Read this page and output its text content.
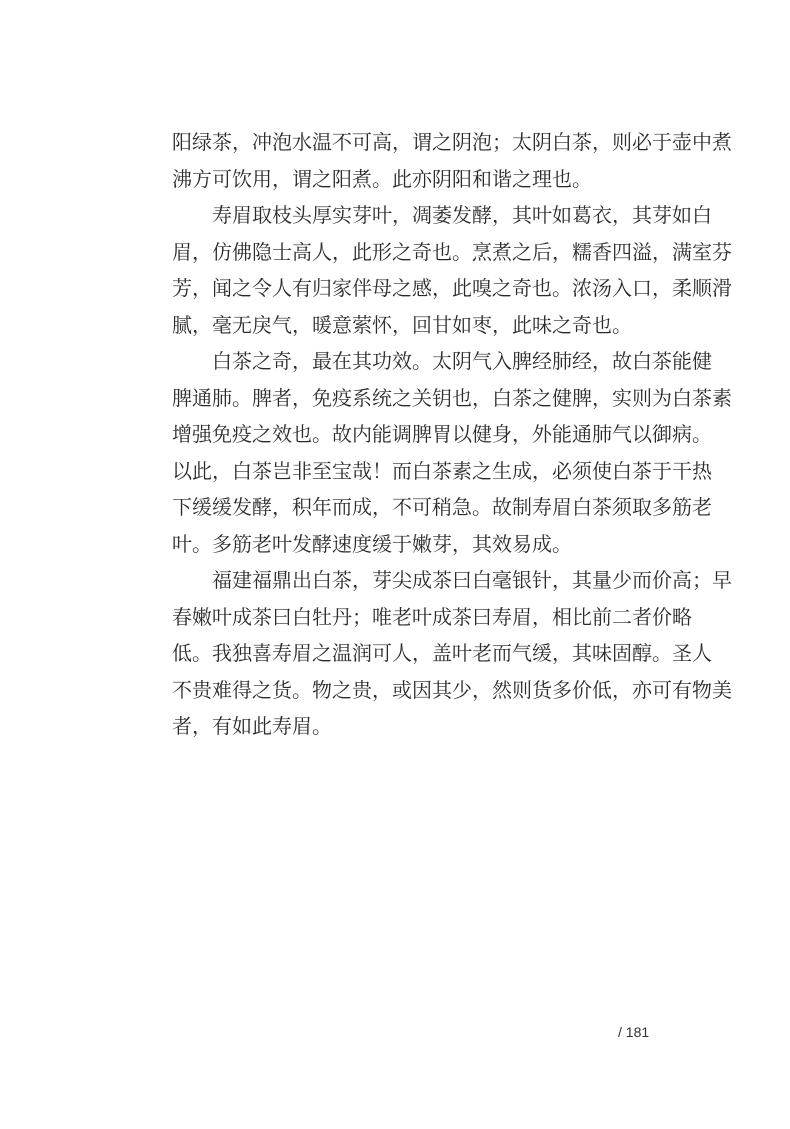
阳绿茶，冲泡水温不可高，谓之阴泡；太阴白茶，则必于壶中煮
沸方可饮用，谓之阳煮。此亦阴阳和谐之理也。
寿眉取枝头厚实芽叶，凋萎发酵，其叶如葛衣，其芽如白
眉，仿佛隐士高人，此形之奇也。烹煮之后，糯香四溢，满室芬
芳，闻之令人有归家伴母之感，此嗅之奇也。浓汤入口，柔顺滑
腻，毫无戾气，暖意萦怀，回甘如枣，此味之奇也。
白茶之奇，最在其功效。太阴气入脾经肺经，故白茶能健
脾通肺。脾者，免疫系统之关钥也，白茶之健脾，实则为白茶素
增强免疫之效也。故内能调脾胃以健身，外能通肺气以御病。
以此，白茶岂非至宝哉！而白茶素之生成，必须使白茶于干热
下缓缓发酵，积年而成，不可稍急。故制寿眉白茶须取多筋老
叶。多筋老叶发酵速度缓于嫩芽，其效易成。
福建福鼎出白茶，芽尖成茶曰白毫银针，其量少而价高；早
春嫩叶成茶曰白牡丹；唯老叶成茶曰寿眉，相比前二者价略
低。我独喜寿眉之温润可人，盖叶老而气缓，其味固醇。圣人
不贵难得之货。物之贵，或因其少，然则货多价低，亦可有物美
者，有如此寿眉。
/ 181
